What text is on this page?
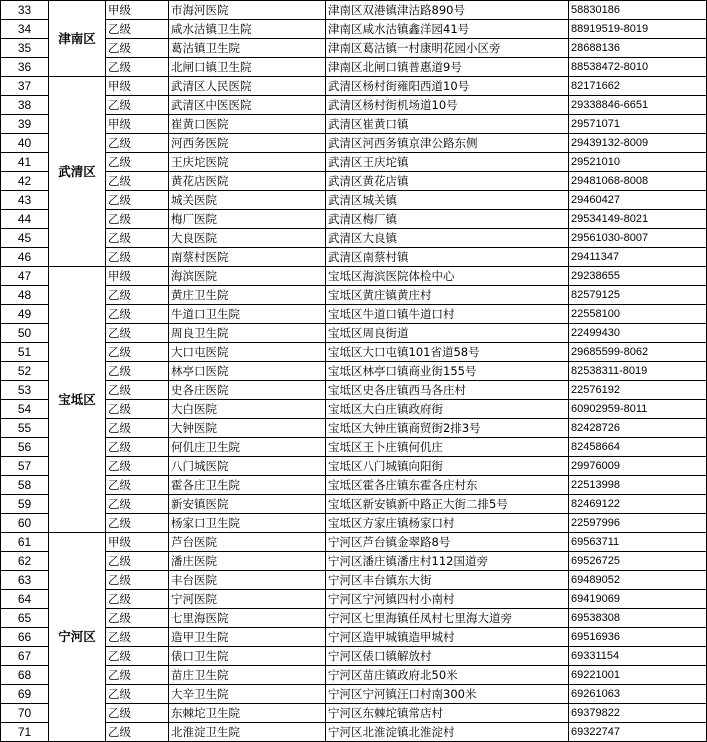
33	津南区	甲级	市海河医院	津南区双港镇津沽路890号	58830186
34		乙级	咸水沽镇卫生院	津南区咸水沽镇鑫洋园41号	88919519-8019
35		乙级	葛沽镇卫生院	津南区葛沽镇一村康明花园小区旁	28688136
36		乙级	北闸口镇卫生院	津南区北闸口镇普惠道9号	88538472-8010
37	武清区	甲级	武清区人民医院	武清区杨村街雍阳西道10号	82171662
38		乙级	武清区中医医院	武清区杨村街机场道10号	29338846-6651
39		甲级	崔黄口医院	武清区崔黄口镇	29571071
40		乙级	河西务医院	武清区河西务镇京津公路东侧	29439132-8009
41		乙级	王庆坨医院	武清区王庆坨镇	29521010
42		乙级	黄花店医院	武清区黄花店镇	29481068-8008
43		乙级	城关医院	武清区城关镇	29460427
44		乙级	梅厂医院	武清区梅厂镇	29534149-8021
45		乙级	大良医院	武清区大良镇	29561030-8007
46		乙级	南蔡村医院	武清区南蔡村镇	29411347
47	宝坻区	甲级	海滨医院	宝坻区海滨医院体检中心	29238655
48		乙级	黄庄卫生院	宝坻区黄庄镇黄庄村	82579125
49		乙级	牛道口卫生院	宝坻区牛道口镇牛道口村	22558100
50		乙级	周良卫生院	宝坻区周良街道	22499430
51		乙级	大口屯医院	宝坻区大口屯镇101省道58号	29685599-8062
52		乙级	林亭口医院	宝坻区林亭口镇商业街155号	82538311-8019
53		乙级	史各庄医院	宝坻区史各庄镇西马各庄村	22576192
54		乙级	大白医院	宝坻区大白庄镇政府街	60902959-8011
55		乙级	大钟医院	宝坻区大钟庄镇商贸街2排3号	82428726
56		乙级	何仉庄卫生院	宝坻区王卜庄镇何仉庄	82458664
57		乙级	八门城医院	宝坻区八门城镇向阳街	29976009
58		乙级	霍各庄卫生院	宝坻区霍各庄镇东霍各庄村东	22513998
59		乙级	新安镇医院	宝坻区新安镇新中路正大街二排5号	82469122
60		乙级	杨家口卫生院	宝坻区方家庄镇杨家口村	22597996
61	宁河区	甲级	芦台医院	宁河区芦台镇金翠路8号	69563711
62		乙级	潘庄医院	宁河区潘庄镇潘庄村112国道旁	69526725
63		乙级	丰台医院	宁河区丰台镇东大街	69489052
64		乙级	宁河医院	宁河区宁河镇四村小南村	69419069
65		乙级	七里海医院	宁河区七里海镇任凤村七里海大道旁	69538308
66		乙级	造甲卫生院	宁河区造甲城镇造甲城村	69516936
67		乙级	俵口卫生院	宁河区俵口镇解放村	69331154
68		乙级	苗庄卫生院	宁河区苗庄镇政府北50米	69221001
69		乙级	大辛卫生院	宁河区宁河镇汪口村南300米	69261063
70		乙级	东棘坨卫生院	宁河区东棘坨镇常店村	69379822
71		乙级	北淮淀卫生院	宁河区北淮淀镇北淮淀村	69322747
